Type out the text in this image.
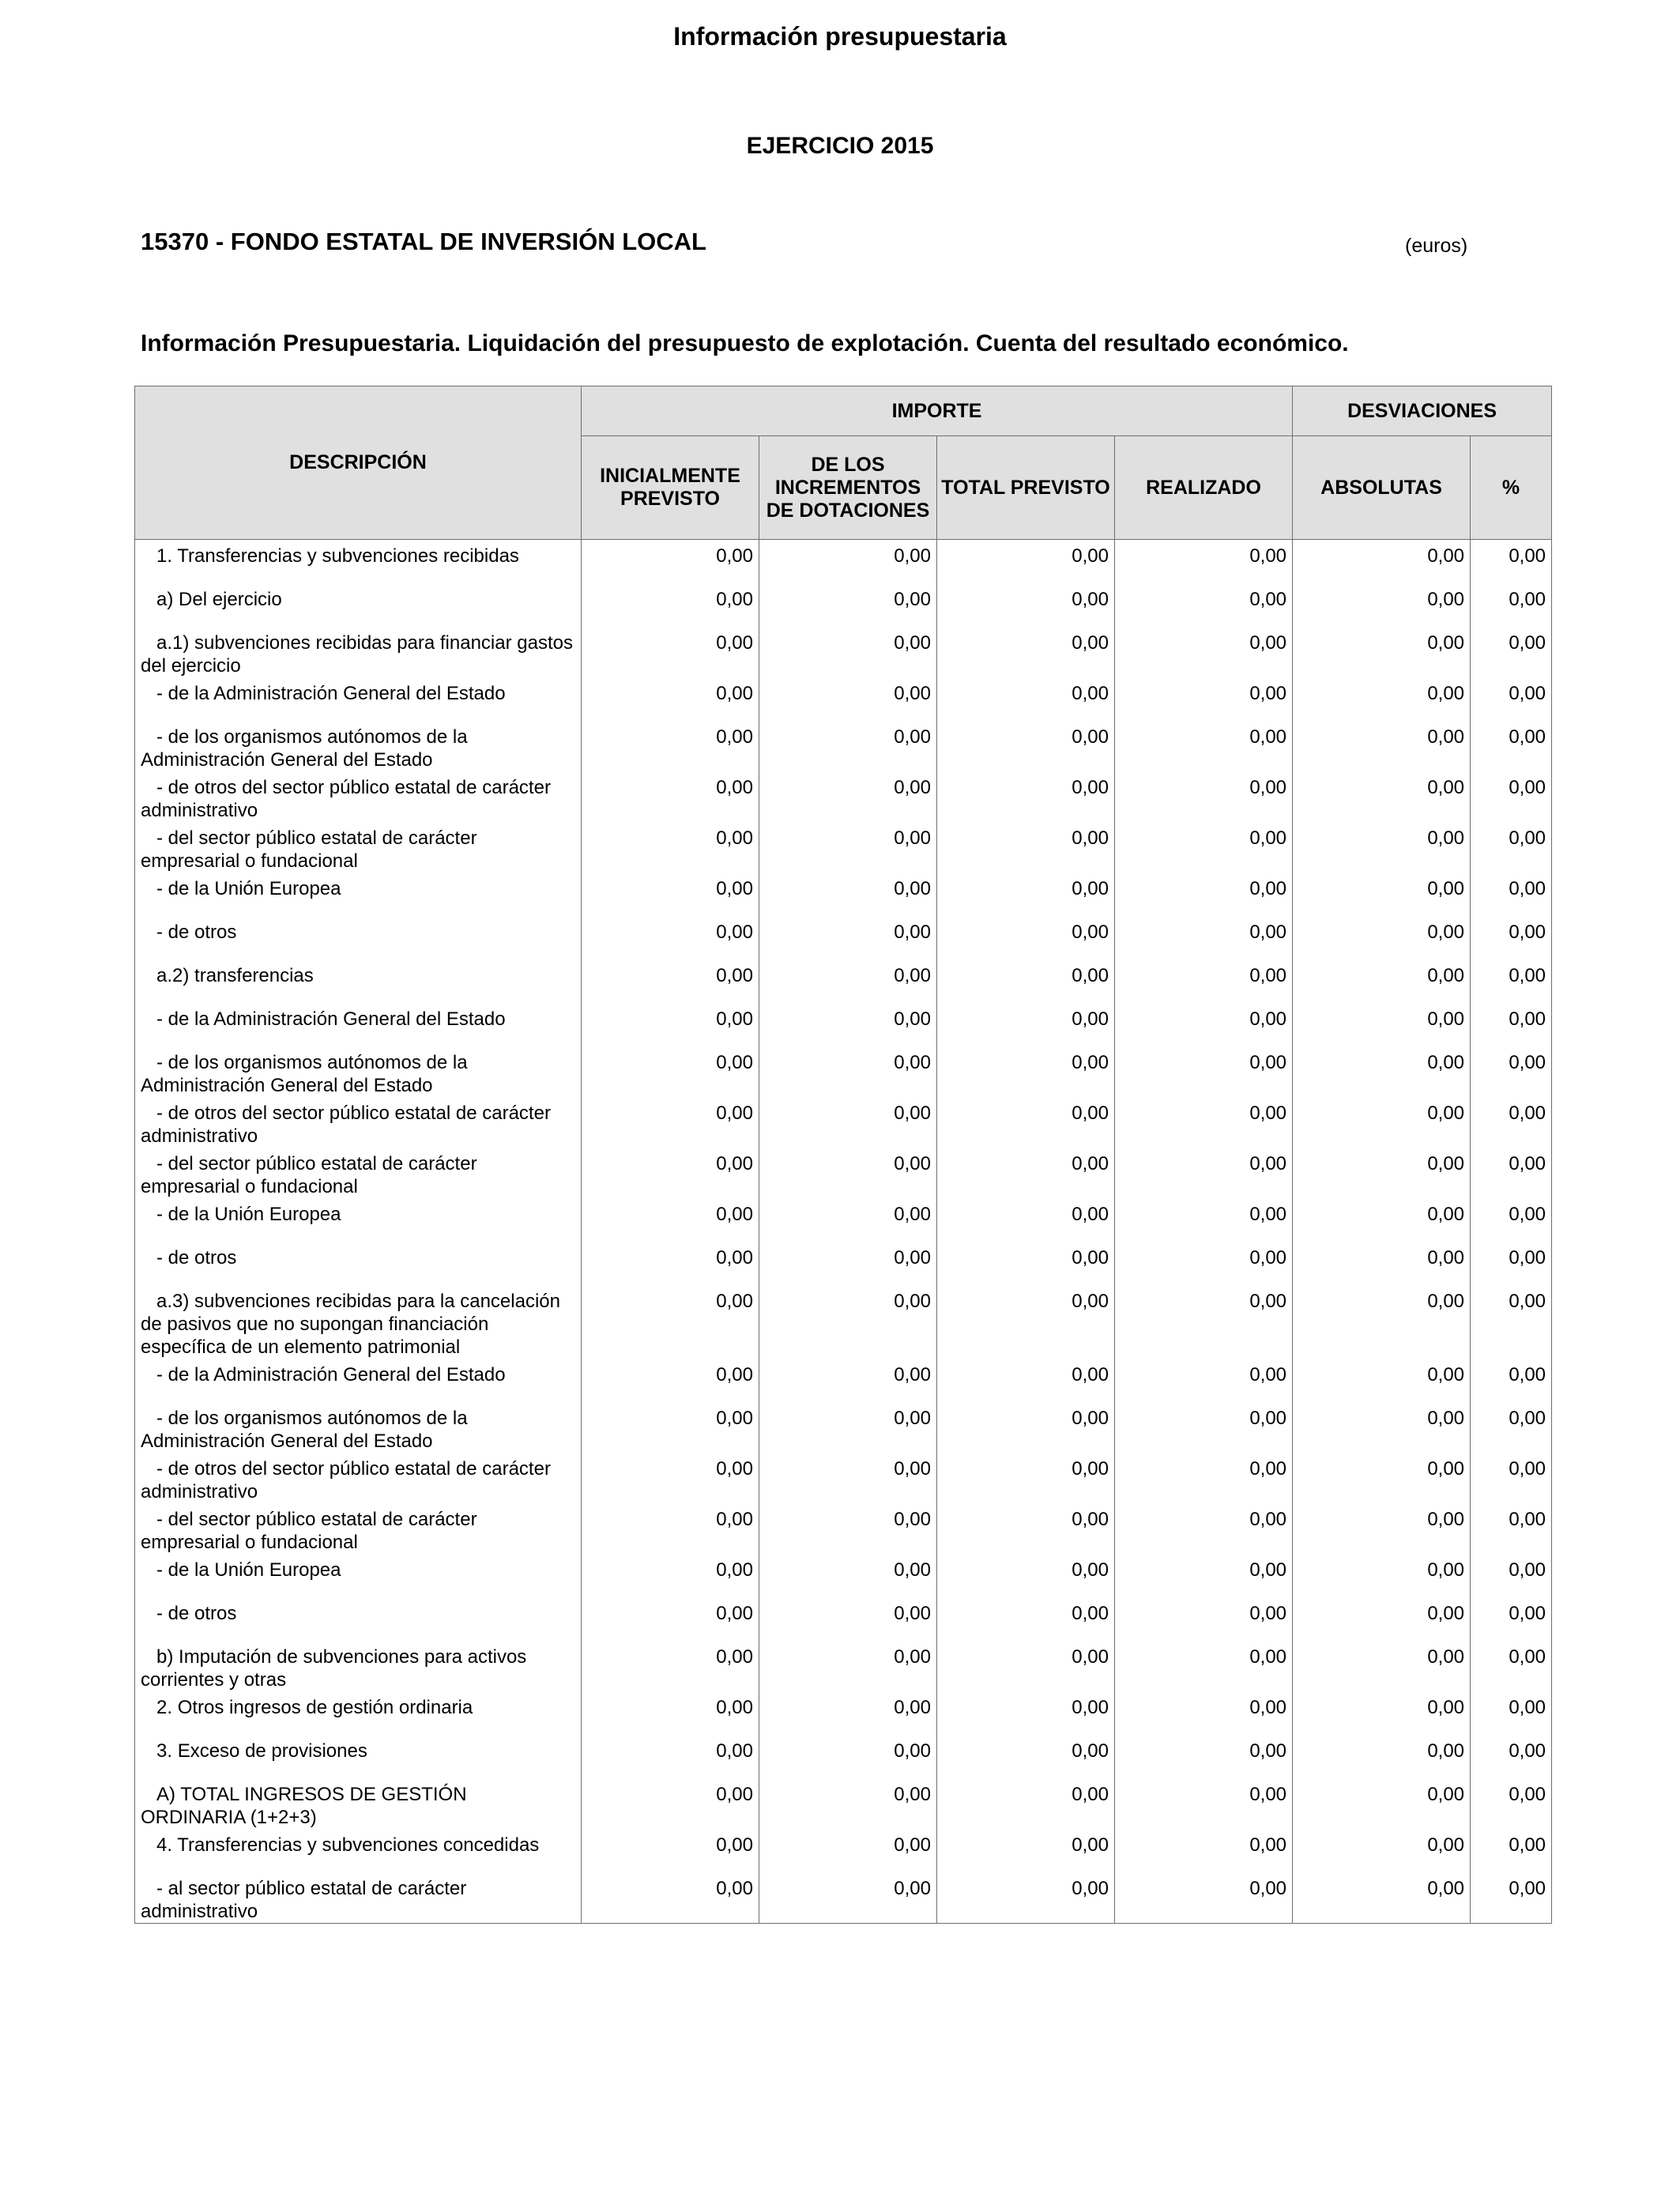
Información presupuestaria
EJERCICIO 2015
15370 - FONDO ESTATAL DE INVERSIÓN LOCAL	(euros)
Información Presupuestaria. Liquidación del presupuesto de explotación. Cuenta del resultado económico.
DESCRIPCIÓN	IMPORTE				DESVIACIONES	
	INICIALMENTE PREVISTO	DE LOS INCREMENTOS DE DOTACIONES	TOTAL PREVISTO	REALIZADO	ABSOLUTAS	%
1. Transferencias y subvenciones recibidas	0,00	0,00	0,00	0,00	0,00	0,00
a) Del ejercicio	0,00	0,00	0,00	0,00	0,00	0,00
a.1) subvenciones recibidas para financiar gastos del ejercicio	0,00	0,00	0,00	0,00	0,00	0,00
- de la Administración General del Estado	0,00	0,00	0,00	0,00	0,00	0,00
- de los organismos autónomos de la Administración General del Estado	0,00	0,00	0,00	0,00	0,00	0,00
- de otros del sector público estatal de carácter administrativo	0,00	0,00	0,00	0,00	0,00	0,00
- del sector público estatal de carácter empresarial o fundacional	0,00	0,00	0,00	0,00	0,00	0,00
- de la Unión Europea	0,00	0,00	0,00	0,00	0,00	0,00
- de otros	0,00	0,00	0,00	0,00	0,00	0,00
a.2) transferencias	0,00	0,00	0,00	0,00	0,00	0,00
- de la Administración General del Estado	0,00	0,00	0,00	0,00	0,00	0,00
- de los organismos autónomos de la Administración General del Estado	0,00	0,00	0,00	0,00	0,00	0,00
- de otros del sector público estatal de carácter administrativo	0,00	0,00	0,00	0,00	0,00	0,00
- del sector público estatal de carácter empresarial o fundacional	0,00	0,00	0,00	0,00	0,00	0,00
- de la Unión Europea	0,00	0,00	0,00	0,00	0,00	0,00
- de otros	0,00	0,00	0,00	0,00	0,00	0,00
a.3) subvenciones recibidas para la cancelación de pasivos que no supongan financiación específica de un elemento patrimonial	0,00	0,00	0,00	0,00	0,00	0,00
- de la Administración General del Estado	0,00	0,00	0,00	0,00	0,00	0,00
- de los organismos autónomos de la Administración General del Estado	0,00	0,00	0,00	0,00	0,00	0,00
- de otros del sector público estatal de carácter administrativo	0,00	0,00	0,00	0,00	0,00	0,00
- del sector público estatal de carácter empresarial o fundacional	0,00	0,00	0,00	0,00	0,00	0,00
- de la Unión Europea	0,00	0,00	0,00	0,00	0,00	0,00
- de otros	0,00	0,00	0,00	0,00	0,00	0,00
b) Imputación de subvenciones para activos corrientes y otras	0,00	0,00	0,00	0,00	0,00	0,00
2. Otros ingresos de gestión ordinaria	0,00	0,00	0,00	0,00	0,00	0,00
3. Exceso de provisiones	0,00	0,00	0,00	0,00	0,00	0,00
A) TOTAL INGRESOS DE GESTIÓN ORDINARIA (1+2+3)	0,00	0,00	0,00	0,00	0,00	0,00
4. Transferencias y subvenciones concedidas	0,00	0,00	0,00	0,00	0,00	0,00
- al sector público estatal de carácter administrativo	0,00	0,00	0,00	0,00	0,00	0,00
